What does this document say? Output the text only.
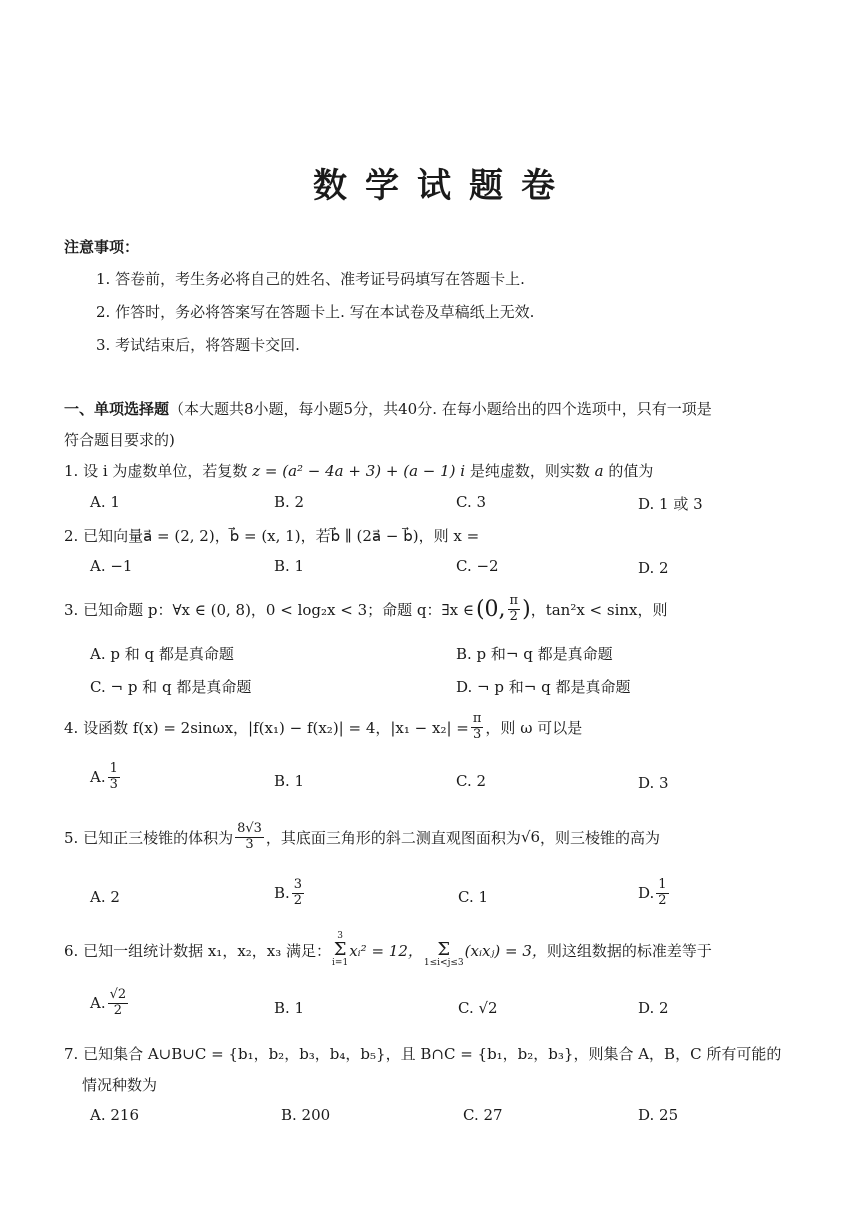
数学试题卷
注意事项：
1. 答卷前，考生务必将自己的姓名、准考证号码填写在答题卡上.
2. 作答时，务必将答案写在答题卡上. 写在本试卷及草稿纸上无效.
3. 考试结束后，将答题卡交回.
一、单项选择题（本大题共8小题，每小题5分，共40分. 在每小题给出的四个选项中，只有一项是
符合题目要求的)
1. 设 i 为虚数单位，若复数 z = (a² − 4a + 3) + (a − 1) i 是纯虚数，则实数 a 的值为
A. 1	B. 2	C. 3	D. 1 或 3
2. 已知向量a⃗ = (2, 2)，b⃗ = (x, 1)，若b⃗ ∥ (2a⃗ − b⃗)，则 x =
A. −1	B. 1	C. −2	D. 2
3. 已知命题 p：∀x ∈ (0, 8)，0 < log₂x < 3；命题 q：∃x ∈ (0, $\frac{\pi}{2}$ ) ，tan²x < sinx，则
A. p 和 q 都是真命题	B. p 和¬ q 都是真命题
C. ¬ p 和 q 都是真命题	D. ¬ p 和¬ q 都是真命题
4. 设函数 f(x) = 2sinωx，|f(x₁) − f(x₂)| = 4，$|x_1 - x_2| = \frac{\pi}{3}$ ，则 ω 可以是
A. $\frac{1}{3}$	B. 1	C. 2	D. 3
5. 已知正三棱锥的体积为 $\frac{8√3}{3}$ ，其底面三角形的斜二测直观图面积为 √6 ，则三棱锥的高为
A. 2	B. $\frac{3}{2}$	C. 1	D. $\frac{1}{2}$
6. 已知一组统计数据 x₁，x₂，x₃ 满足：
3
Σ
i=1
xᵢ² = 12， Σ
1≤i<j≤3
(xᵢxⱼ) = 3， 则这组数据的标准差等于
A. $\frac{√2}{2}$	B. 1	C. √2	D. 2
7. 已知集合 A∪B∪C = {b₁，b₂，b₃，b₄，b₅}，且 B∩C = {b₁，b₂，b₃}，则集合 A，B，C 所有可能的
情况种数为
A. 216	B. 200	C. 27	D. 25
